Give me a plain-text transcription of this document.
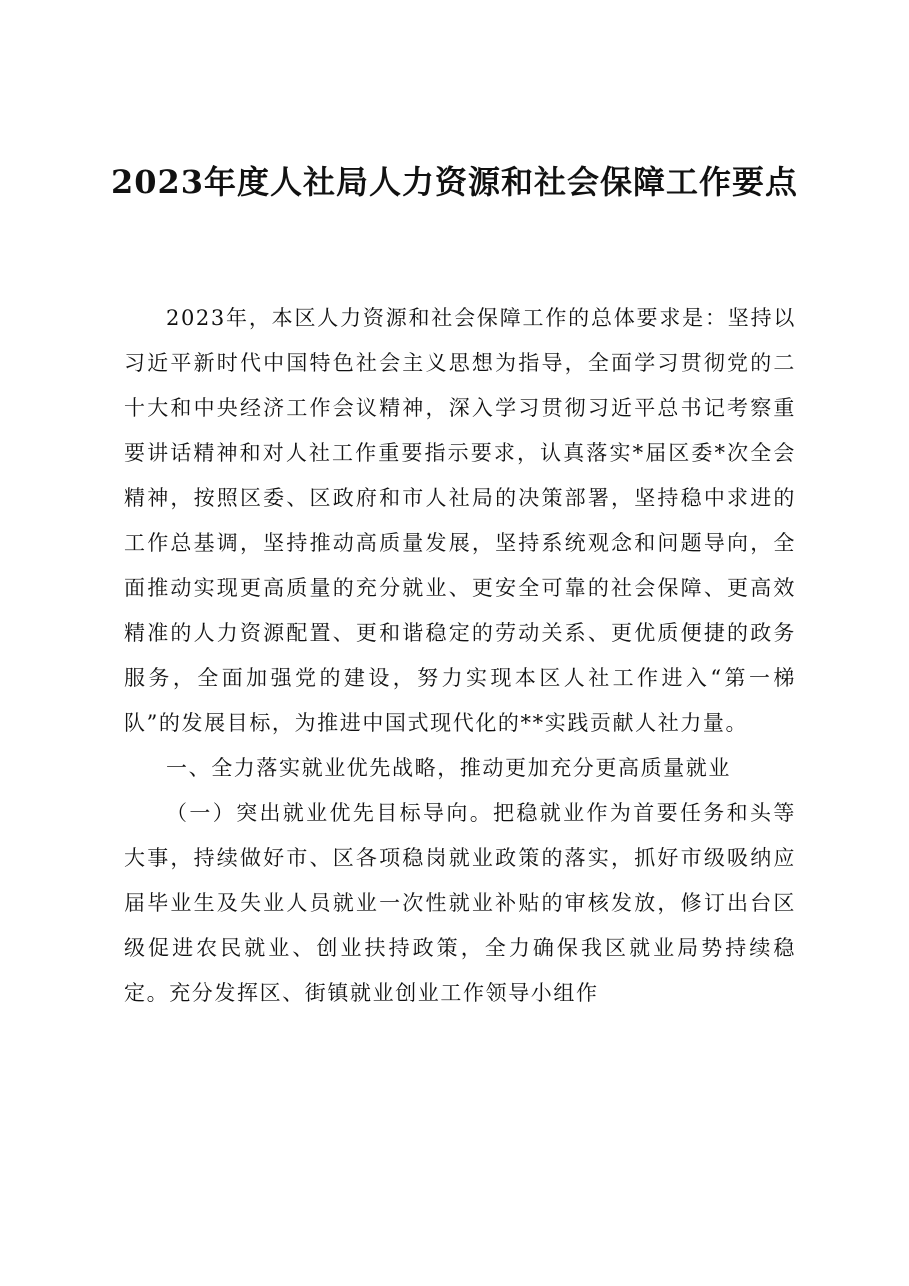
2023年度人社局人力资源和社会保障工作要点

2023年，本区人力资源和社会保障工作的总体要求是：坚持以习近平新时代中国特色社会主义思想为指导，全面学习贯彻党的二十大和中央经济工作会议精神，深入学习贯彻习近平总书记考察重要讲话精神和对人社工作重要指示要求，认真落实*届区委*次全会精神，按照区委、区政府和市人社局的决策部署，坚持稳中求进的工作总基调，坚持推动高质量发展，坚持系统观念和问题导向，全面推动实现更高质量的充分就业、更安全可靠的社会保障、更高效精准的人力资源配置、更和谐稳定的劳动关系、更优质便捷的政务服务，全面加强党的建设，努力实现本区人社工作进入“第一梯队”的发展目标，为推进中国式现代化的**实践贡献人社力量。

一、全力落实就业优先战略，推动更加充分更高质量就业

（一）突出就业优先目标导向。把稳就业作为首要任务和头等大事，持续做好市、区各项稳岗就业政策的落实，抓好市级吸纳应届毕业生及失业人员就业一次性就业补贴的审核发放，修订出台区级促进农民就业、创业扶持政策，全力确保我区就业局势持续稳定。充分发挥区、街镇就业创业工作领导小组作
